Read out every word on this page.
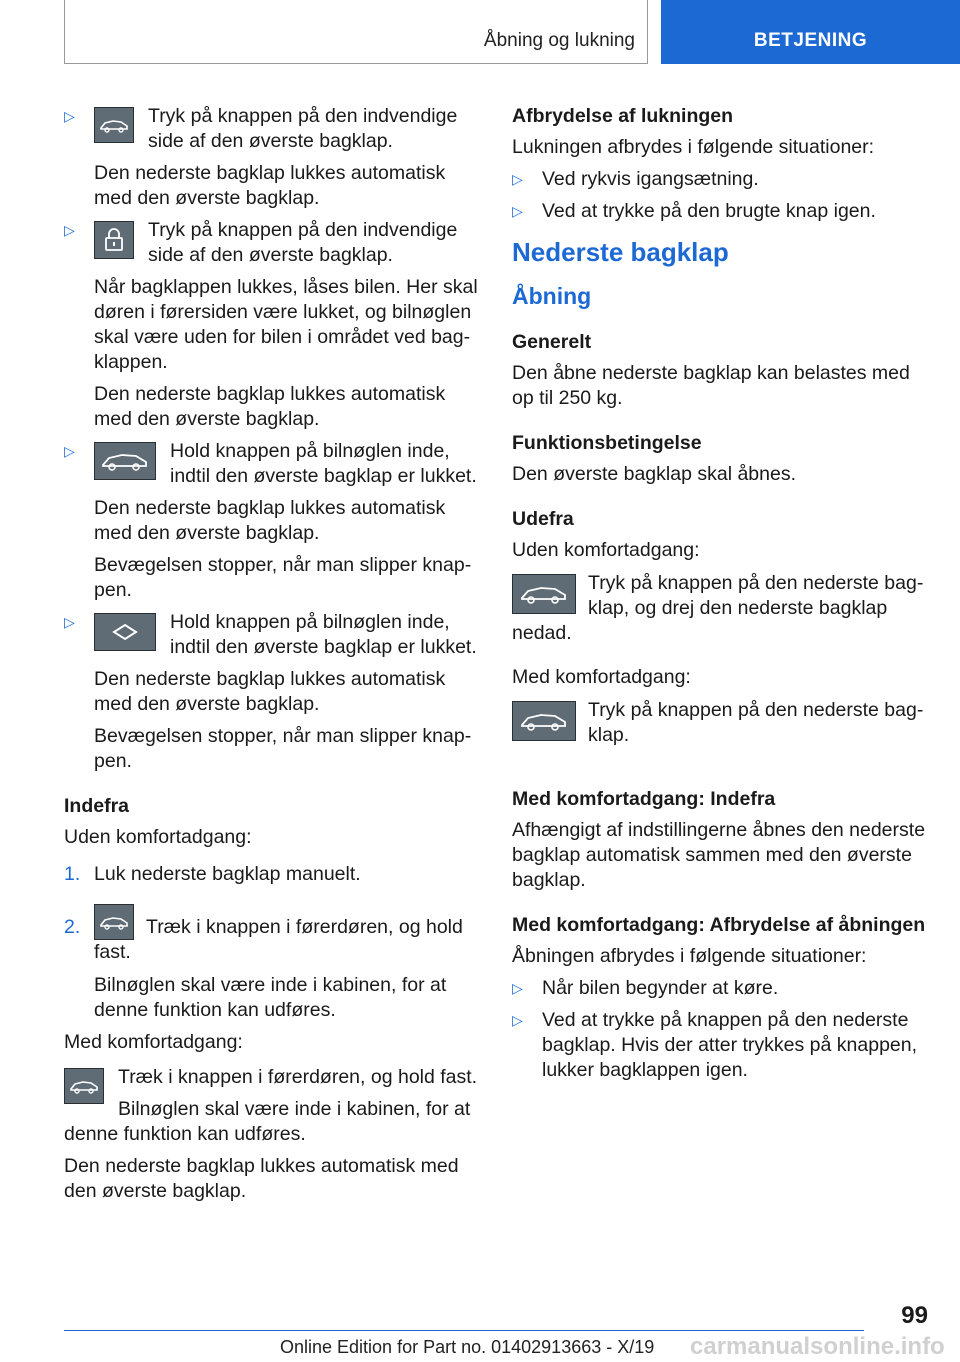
Åbning og lukning	BETJENING
▷	Tryk på knappen på den indvendige side af den øverste bagklap.

Den nederste bagklap lukkes automatisk med den øverste bagklap.

▷	Tryk på knappen på den indvendige side af den øverste bagklap.

Når bagklappen lukkes, låses bilen. Her skal døren i førersiden være lukket, og bilnøglen skal være uden for bilen i området ved bagklappen.

Den nederste bagklap lukkes automatisk med den øverste bagklap.

▷	Hold knappen på bilnøglen inde, indtil den øverste bagklap er lukket.

Den nederste bagklap lukkes automatisk med den øverste bagklap.

Bevægelsen stopper, når man slipper knappen.

▷	Hold knappen på bilnøglen inde, indtil den øverste bagklap er lukket.

Den nederste bagklap lukkes automatisk med den øverste bagklap.

Bevægelsen stopper, når man slipper knappen.

Indefra

Uden komfortadgang:

1. Luk nederste bagklap manuelt.
2.	Træk i knappen i førerdøren, og hold fast.

Bilnøglen skal være inde i kabinen, for at denne funktion kan udføres.

Med komfortadgang:

Træk i knappen i førerdøren, og hold fast.

Bilnøglen skal være inde i kabinen, for at denne funktion kan udføres.

Den nederste bagklap lukkes automatisk med den øverste bagklap.

Afbrydelse af lukningen

Lukningen afbrydes i følgende situationer:

▷ Ved rykvis igangsætning.
▷ Ved at trykke på den brugte knap igen.
Nederste bagklap
Åbning

Generelt

Den åbne nederste bagklap kan belastes med op til 250 kg.

Funktionsbetingelse

Den øverste bagklap skal åbnes.

Udefra

Uden komfortadgang:

Tryk på knappen på den nederste bagklap, og drej den nederste bagklap nedad.

Med komfortadgang:

Tryk på knappen på den nederste bagklap.

Med komfortadgang: Indefra

Afhængigt af indstillingerne åbnes den nederste bagklap automatisk sammen med den øverste bagklap.

Med komfortadgang: Afbrydelse af åbningen

Åbningen afbrydes i følgende situationer:

▷ Når bilen begynder at køre.
▷ Ved at trykke på knappen på den nederste bagklap. Hvis der atter trykkes på knappen, lukker bagklappen igen.
99
carmanualsonline.info
Online Edition for Part no. 01402913663 - X/19
